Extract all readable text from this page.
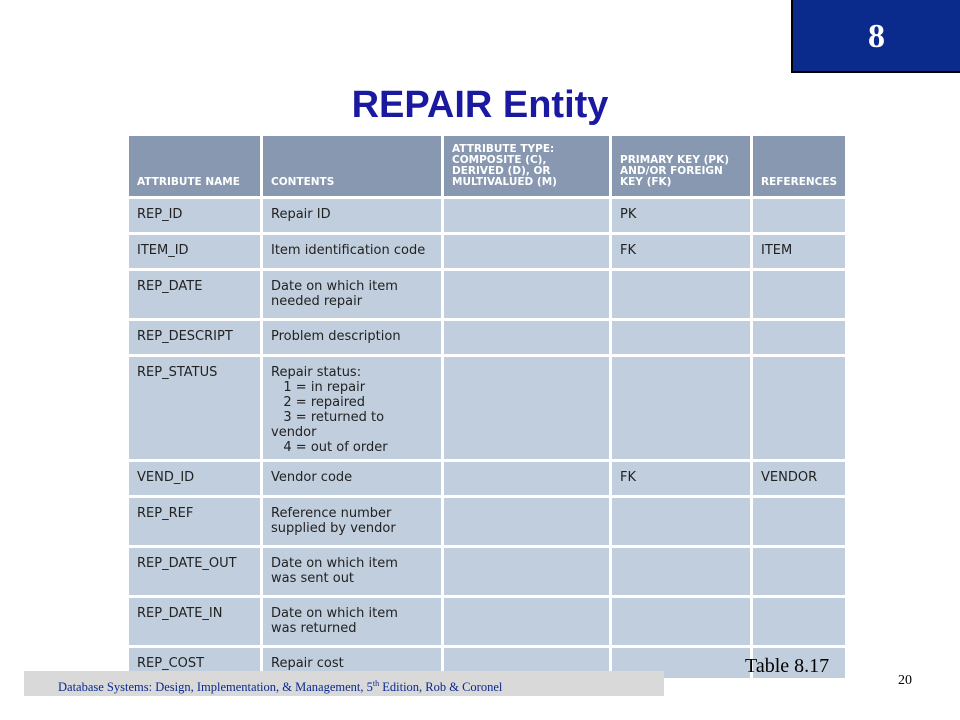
8
REPAIR Entity
ATTRIBUTE NAME	CONTENTS	ATTRIBUTE TYPE:
COMPOSITE (C),
DERIVED (D), OR
MULTIVALUED (M)	PRIMARY KEY (PK)
AND/OR FOREIGN
KEY (FK)	REFERENCES
REP_ID	Repair ID		PK	
ITEM_ID	Item identification code		FK	ITEM
REP_DATE	Date on which item
needed repair			
REP_DESCRIPT	Problem description			
REP_STATUS	Repair status:
1 = in repair
2 = repaired
3 = returned to vendor
4 = out of order			
VEND_ID	Vendor code		FK	VENDOR
REP_REF	Reference number
supplied by vendor			
REP_DATE_OUT	Date on which item
was sent out			
REP_DATE_IN	Date on which item
was returned			
REP_COST	Repair cost				Table 8.17
Database Systems: Design, Implementation, & Management, 5th Edition, Rob & Coronel	20
